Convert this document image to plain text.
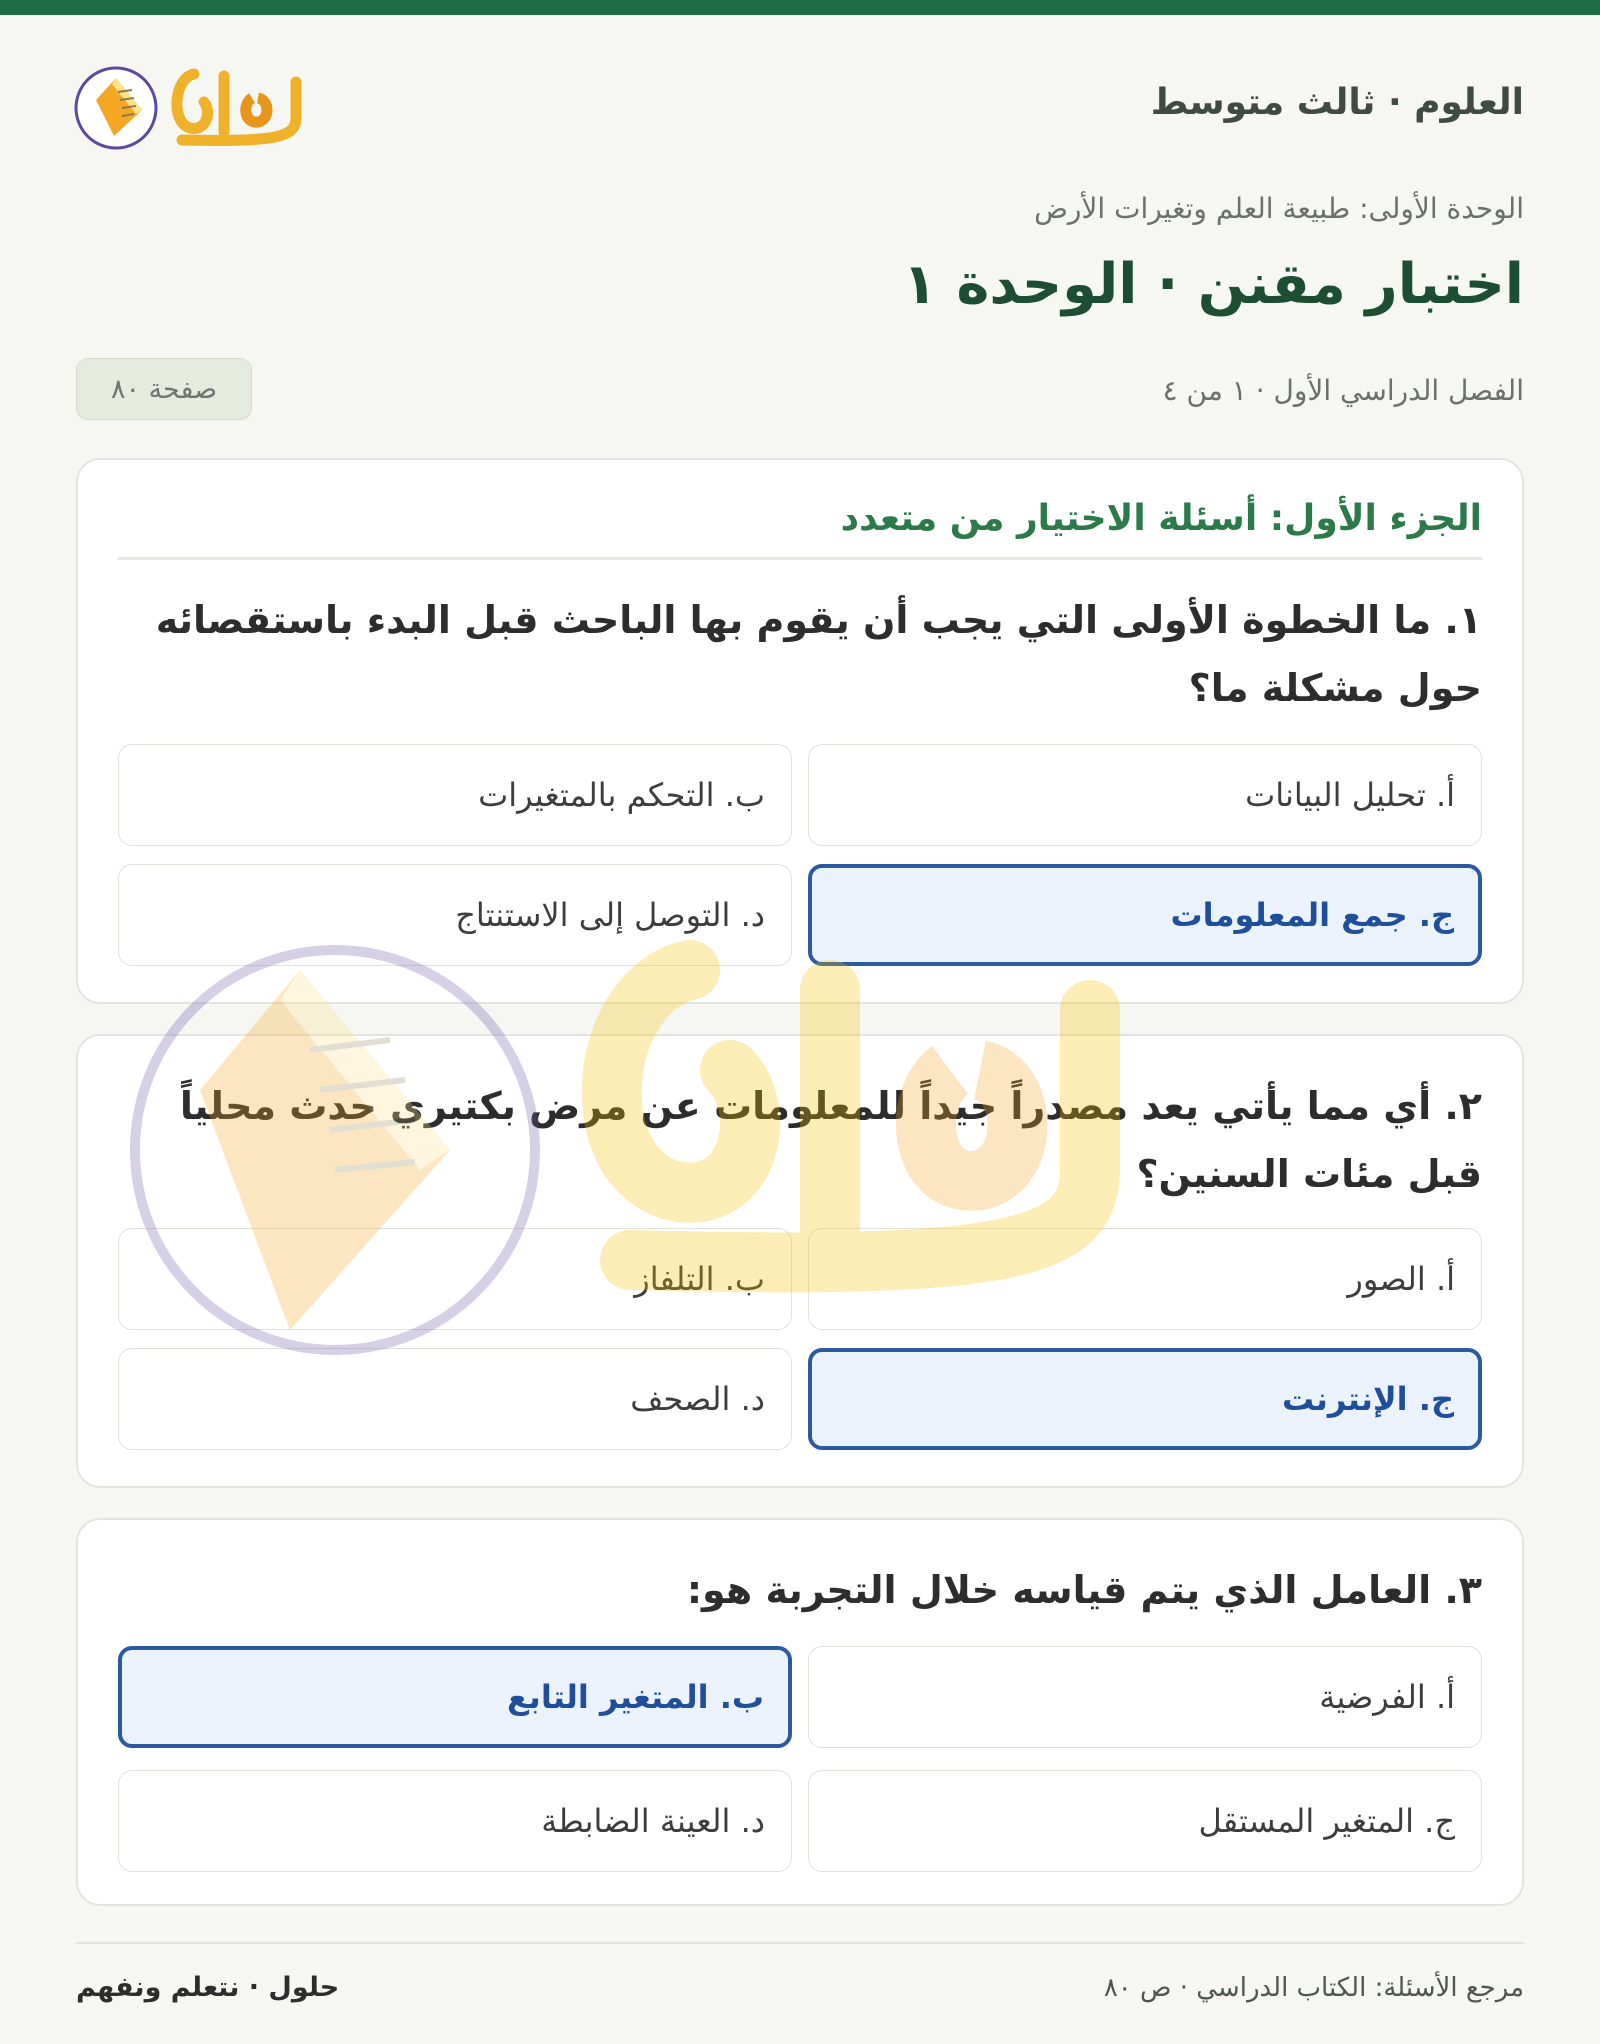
العلوم · ثالث متوسط
الوحدة الأولى: طبيعة العلم وتغيرات الأرض
اختبار مقنن · الوحدة ١
الفصل الدراسي الأول · ١ من ٤
صفحة ٨٠
الجزء الأول: أسئلة الاختيار من متعدد
١. ما الخطوة الأولى التي يجب أن يقوم بها الباحث قبل البدء باستقصائه حول مشكلة ما؟
أ. تحليل البيانات
ب. التحكم بالمتغيرات
ج. جمع المعلومات
د. التوصل إلى الاستنتاج
٢. أي مما يأتي يعد مصدراً جيداً للمعلومات عن مرض بكتيري حدث محلياً قبل مئات السنين؟
أ. الصور
ب. التلفاز
ج. الإنترنت
د. الصحف
٣. العامل الذي يتم قياسه خلال التجربة هو:
أ. الفرضية
ب. المتغير التابع
ج. المتغير المستقل
د. العينة الضابطة
مرجع الأسئلة: الكتاب الدراسي · ص ٨٠
حلول · نتعلم ونفهم
